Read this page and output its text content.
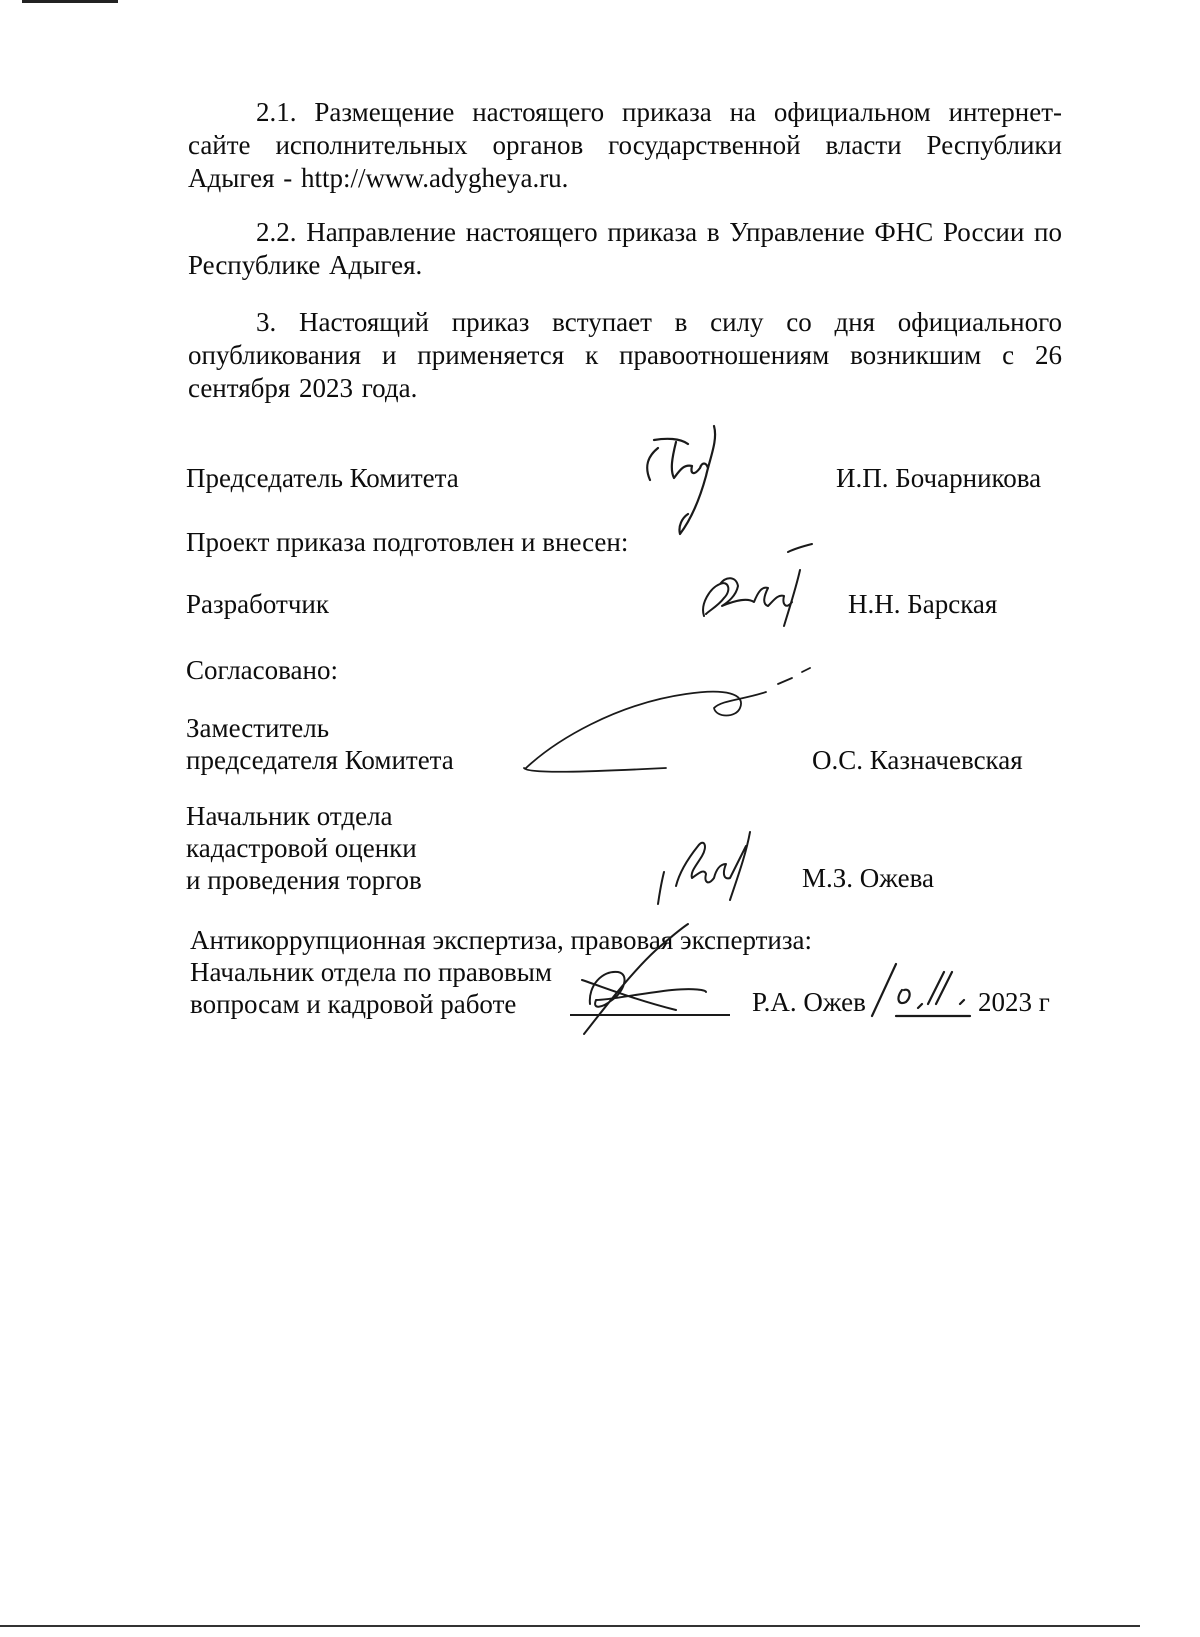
2.1. Размещение настоящего приказа на официальном интернет-сайте исполнительных органов государственной власти Республики Адыгея - http://www.adygheya.ru.

2.2. Направление настоящего приказа в Управление ФНС России по Республике Адыгея.

3. Настоящий приказ вступает в силу со дня официального опубликования и применяется к правоотношениям возникшим с 26 сентября 2023 года.

Председатель Комитета	И.П. Бочарникова
Проект приказа подготовлен и внесен:
Разработчик	Н.Н. Барская
Согласовано:
Заместитель
председателя Комитета	О.С. Казначевская
Начальник отдела
кадастровой оценки
и проведения торгов	М.З. Ожева
Антикоррупционная экспертиза, правовая экспертиза:
Начальник отдела по правовым
вопросам и кадровой работе	Р.А. Ожев	2023 г
